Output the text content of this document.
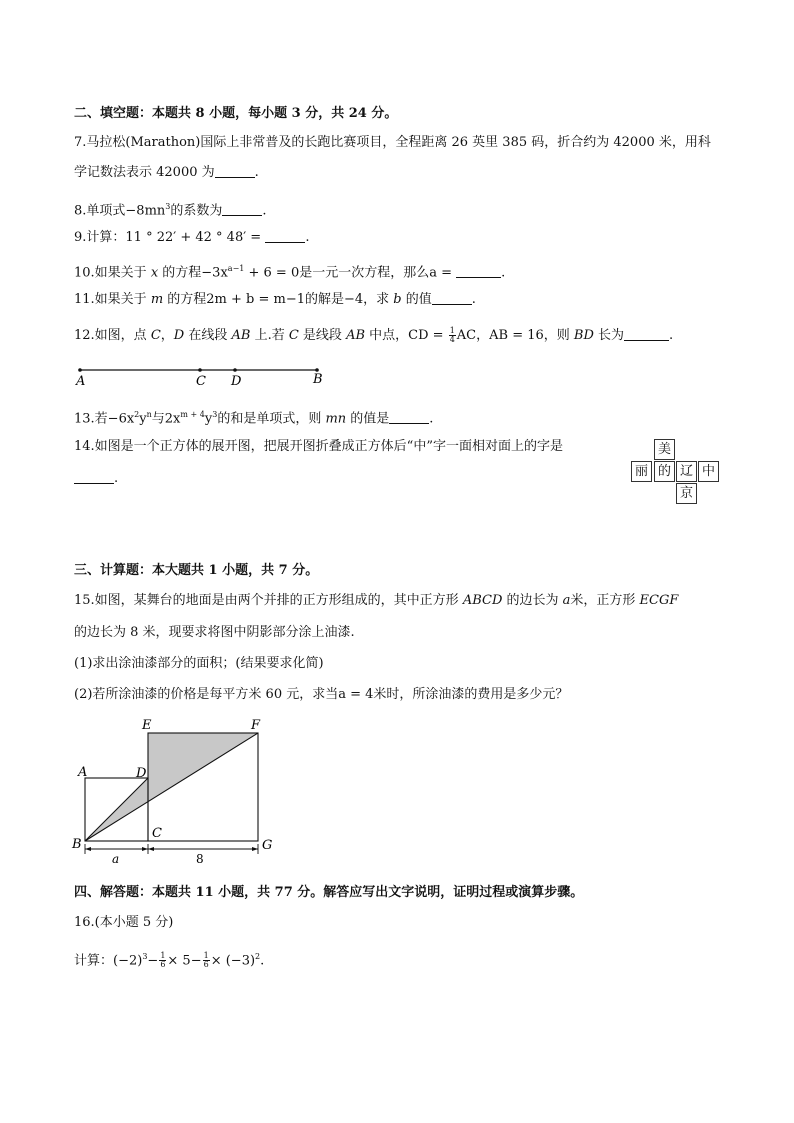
二、填空题：本题共 8 小题，每小题 3 分，共 24 分。
7.马拉松(Marathon)国际上非常普及的长跑比赛项目，全程距离 26 英里 385 码，折合约为 42000 米，用科
学记数法表示 42000 为	.
8.单项式$-8mn^3$的系数为	.
9.计算：11 ° 22′ + 42 ° 48′ =	.
10.如果关于 x 的方程$-3x^{a-1} + 6 = 0$是一元一次方程，那么a =	.
11.如果关于 m 的方程2m + b = m−1的解是−4，求 b 的值	.
12.如图，点 C，D 在线段 AB 上.若 C 是线段 AB 中点，CD = $\frac{1}{4}$ AC，AB = 16，则 BD 长为	.
A	C D	B
13.若$-6x^2y^n$与$2x^{m + 4}y^3$的和是单项式，则 mn 的值是	.
14.如图是一个正方体的展开图，把展开图折叠成正方体后“中”字一面相对面上的字是
.
美
丽 的 辽 中
京
三、计算题：本大题共 1 小题，共 7 分。
15.如图，某舞台的地面是由两个并排的正方形组成的，其中正方形 ABCD 的边长为 a米，正方形 ECGF
的边长为 8 米，现要求将图中阴影部分涂上油漆.
(1)求出涂油漆部分的面积；(结果要求化简)
(2)若所涂油漆的价格是每平方米 60 元，求当a = 4米时，所涂油漆的费用是多少元？
E	F
A	D
B
C
G
a	8
四、解答题：本题共 11 小题，共 77 分。解答应写出文字说明，证明过程或演算步骤。
16.(本小题 5 分)
计算：$(-2)^3- \frac{1}{6} \times 5- \frac{1}{6} \times (-3)^2$.
